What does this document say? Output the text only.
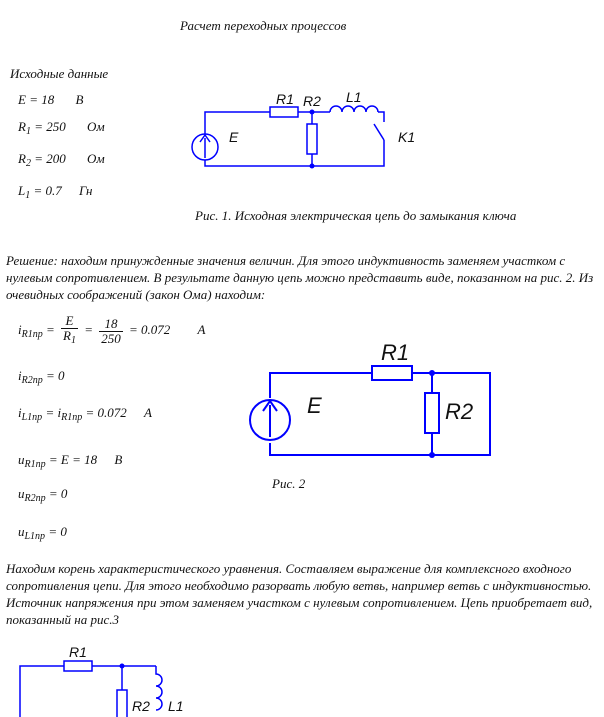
Расчет переходных процессов
Исходные данные
E = 18 В
$R_1 = 250$ Ом
$R_2 = 200$ Ом
$L_1 = 0.7$ Гн
R1 R2 L1
E	K1
Рис. 1. Исходная электрическая цепь до замыкания ключа
Решение: находим принужденные значения величин. Для этого индуктивность заменяем участком с нулевым сопротивлением. В результате данную цепь можно представить виде, показанном на рис. 2. Из очевидных соображений (закон Ома) находим:
$i_{R1пр} = \frac{E}{R_1} = \frac{18}{250} = 0.072$ А
$i_{R2пр} = 0$
$i_{L1пр} = i_{R1пр} = 0.072$ А
$u_{R1пр} = E = 18$ В
$u_{R2пр} = 0$
$u_{L1пр} = 0$
R1
R2
E
Рис. 2
Находим корень характеристического уравнения. Составляем выражение для комплексного входного сопротивления цепи. Для этого необходимо разорвать любую ветвь, например ветвь с индуктивностью. Источник напряжения при этом заменяем участком с нулевым сопротивлением. Цепь приобретает вид, показанный на рис.3
R1
R2 L1
